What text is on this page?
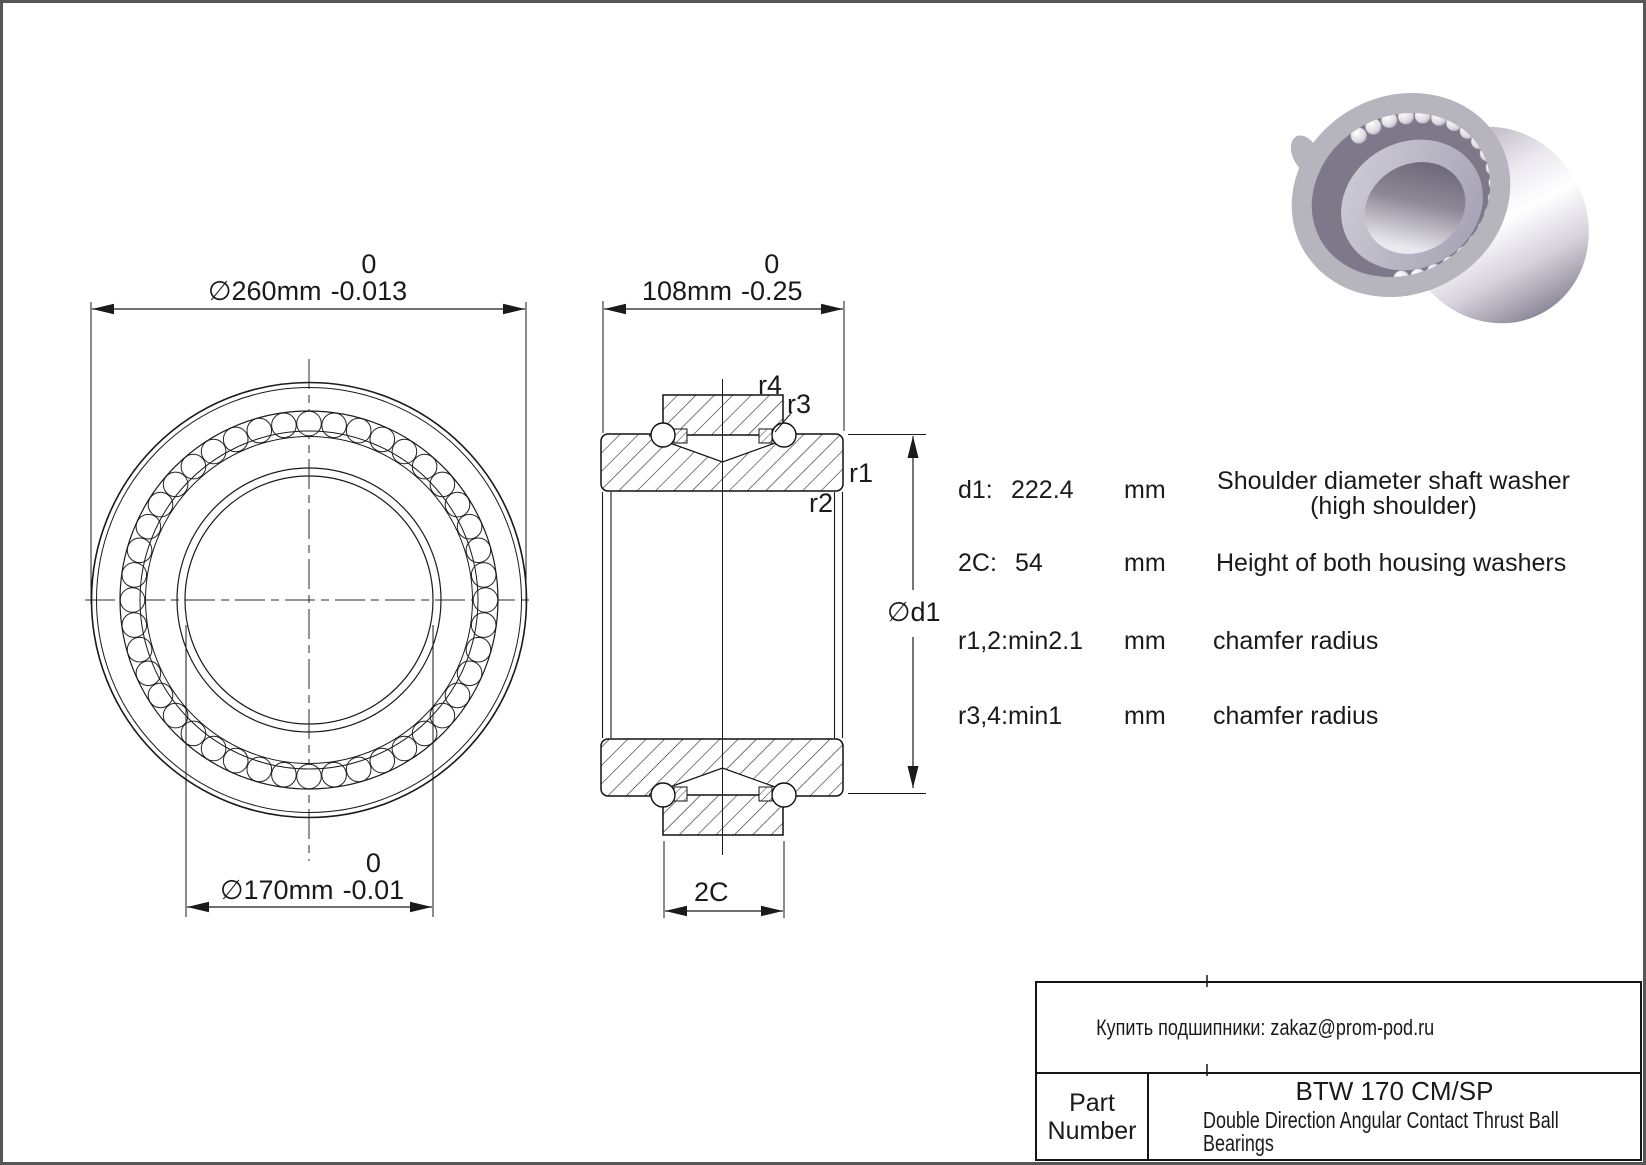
∅260mm
0
-0.013	108mm
0
-0.25
∅170mm
0
-0.01
r4
r3
r1
r2
∅d1
2C
d1: 222.4 mm	Shoulder diameter shaft washer
(high shoulder)
2C: 54	mm Height of both housing washers
r1,2:min2.1 mm chamfer radius
r3,4:min1 mm chamfer radius
Купить подшипники: zakaz@prom-pod.ru
Part
Number
BTW 170 CM/SP
Double Direction Angular Contact Thrust Ball Bearings
